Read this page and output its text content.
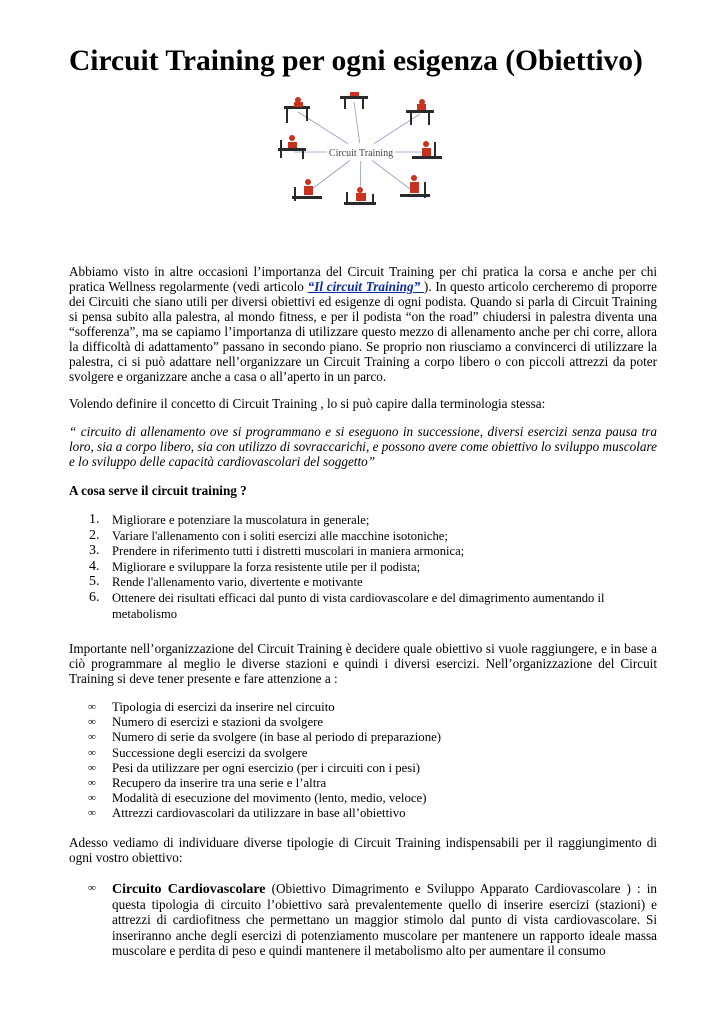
Circuit Training per ogni esigenza (Obiettivo)
Circuit Training

Abbiamo visto in altre occasioni l’importanza del Circuit Training per chi pratica la corsa e anche per chi pratica Wellness regolarmente (vedi articolo “Il circuit Training” ). In questo articolo cercheremo di proporre dei Circuiti che siano utili per diversi obiettivi ed esigenze di ogni podista. Quando si parla di Circuit Training si pensa subito alla palestra, al mondo fitness, e per il podista “on the road” chiudersi in palestra diventa una “sofferenza”, ma se capiamo l’importanza di utilizzare questo mezzo di allenamento anche per chi corre, allora la difficoltà di adattamento” passano in secondo piano. Se proprio non riusciamo a convincerci di utilizzare la palestra, ci si può adattare nell’organizzare un Circuit Training a corpo libero o con piccoli attrezzi da poter svolgere e organizzare anche a casa o all’aperto in un parco.

Volendo definire il concetto di Circuit Training , lo si può capire dalla terminologia stessa:

“ circuito di allenamento ove si programmano e si eseguono in successione, diversi esercizi senza pausa tra loro, sia a corpo libero, sia con utilizzo di sovraccarichi, e possono avere come obiettivo lo sviluppo muscolare e lo sviluppo delle capacità cardiovascolari del soggetto”

A cosa serve il circuit training ?

1. Migliorare e potenziare la muscolatura in generale;
2. Variare l'allenamento con i soliti esercizi alle macchine isotoniche;
3. Prendere in riferimento tutti i distretti muscolari in maniera armonica;
4. Migliorare e sviluppare la forza resistente utile per il podista;
5. Rende l'allenamento vario, divertente e motivante
6. Ottenere dei risultati efficaci dal punto di vista cardiovascolare e del dimagrimento aumentando il metabolismo

Importante nell’organizzazione del Circuit Training è decidere quale obiettivo si vuole raggiungere, e in base a ciò programmare al meglio le diverse stazioni e quindi i diversi esercizi. Nell’organizzazione del Circuit Training si deve tener presente e fare attenzione a :

∞ Tipologia di esercizi da inserire nel circuito
∞ Numero di esercizi e stazioni da svolgere
∞ Numero di serie da svolgere (in base al periodo di preparazione)
∞ Successione degli esercizi da svolgere
∞ Pesi da utilizzare per ogni esercizio (per i circuiti con i pesi)
∞ Recupero da inserire tra una serie e l’altra
∞ Modalità di esecuzione del movimento (lento, medio, veloce)
∞ Attrezzi cardiovascolari da utilizzare in base all’obiettivo

Adesso vediamo di individuare diverse tipologie di Circuit Training indispensabili per il raggiungimento di ogni vostro obiettivo:

∞ Circuito Cardiovascolare (Obiettivo Dimagrimento e Sviluppo Apparato Cardiovascolare ) : in questa tipologia di circuito l’obiettivo sarà prevalentemente quello di inserire esercizi (stazioni) e attrezzi di cardiofitness che permettano un maggior stimolo dal punto di vista cardiovascolare. Si inseriranno anche degli esercizi di potenziamento muscolare per mantenere un rapporto ideale massa muscolare e perdita di peso e quindi mantenere il metabolismo alto per aumentare il consumo
